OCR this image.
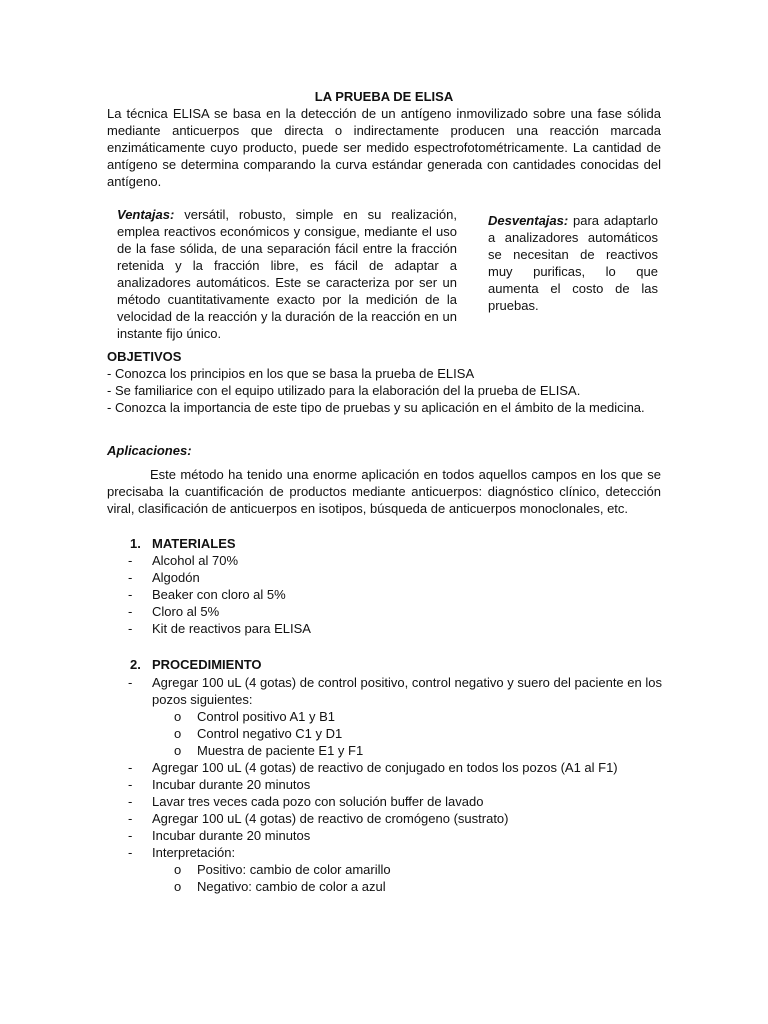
LA PRUEBA DE ELISA
La técnica ELISA se basa en la detección de un antígeno inmovilizado sobre una fase sólida mediante anticuerpos que directa o indirectamente producen una reacción marcada enzimáticamente cuyo producto, puede ser medido espectrofotométricamente. La cantidad de antígeno se determina comparando la curva estándar generada con cantidades conocidas del antígeno.
Ventajas: versátil, robusto, simple en su realización, emplea reactivos económicos y consigue, mediante el uso de la fase sólida, de una separación fácil entre la fracción retenida y la fracción libre, es fácil de adaptar a analizadores automáticos. Este se caracteriza por ser un método cuantitativamente exacto por la medición de la velocidad de la reacción y la duración de la reacción en un instante fijo único.
Desventajas: para adaptarlo a analizadores automáticos se necesitan de reactivos muy purificas, lo que aumenta el costo de las pruebas.
OBJETIVOS
- Conozca los principios en los que se basa la prueba de ELISA
- Se familiarice con el equipo utilizado para la elaboración del la prueba de ELISA.
- Conozca la importancia de este tipo de pruebas y su aplicación en el ámbito de la medicina.
Aplicaciones:
Este método ha tenido una enorme aplicación en todos aquellos campos en los que se precisaba la cuantificación de productos mediante anticuerpos: diagnóstico clínico, detección viral, clasificación de anticuerpos en isotipos, búsqueda de anticuerpos monoclonales, etc.
1. MATERIALES
- Alcohol al 70%
- Algodón
- Beaker con cloro al 5%
- Cloro al 5%
- Kit de reactivos para ELISA
2. PROCEDIMIENTO
- Agregar 100 uL (4 gotas) de control positivo, control negativo y suero del paciente en los pozos siguientes:
o Control positivo A1 y B1
o Control negativo C1 y D1
o Muestra de paciente E1 y F1
- Agregar 100 uL (4 gotas) de reactivo de conjugado en todos los pozos (A1 al F1)
- Incubar durante 20 minutos
- Lavar tres veces cada pozo con solución buffer de lavado
- Agregar 100 uL (4 gotas) de reactivo de cromógeno (sustrato)
- Incubar durante 20 minutos
- Interpretación:
o Positivo: cambio de color amarillo
o Negativo: cambio de color a azul
